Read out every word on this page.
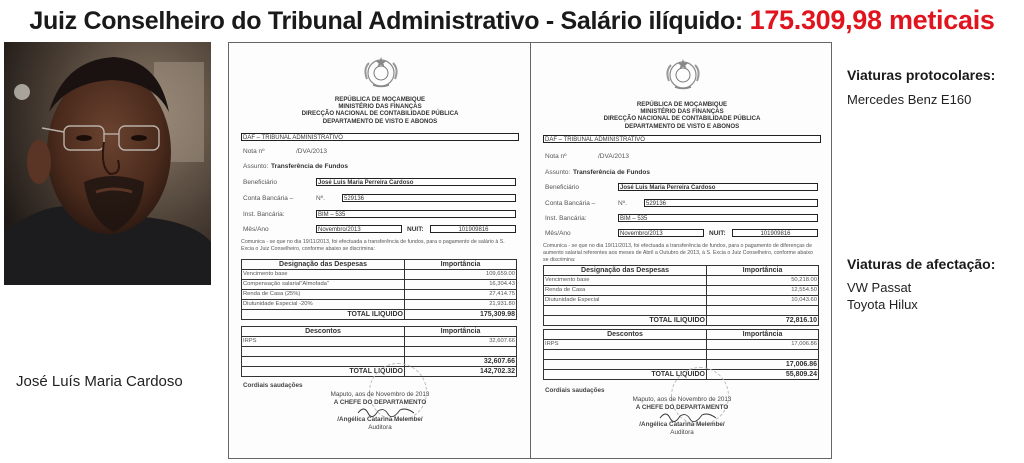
Juiz Conselheiro do Tribunal Administrativo - Salário ilíquido: 175.309,98 meticais
José Luís Maria Cardoso
REPÚBLICA DE MOÇAMBIQUE
MINISTÉRIO DAS FINANÇAS
DIRECÇÃO NACIONAL DE CONTABILIDADE PÚBLICA
DEPARTAMENTO DE VISTO E ABONOS
DAF – TRIBUNAL ADMINISTRATIVO
Nota nº	/DVA/2013
Assunto: Transferência de Fundos
Beneficiário	José Luis Maria Perreira Cardoso
Conta Bancária –	Nº.	529136
Inst. Bancária:	BIM – 535
Mês/Ano	Novembro/2013	NUIT:	101909816
Comunica - se que no dia 19/11/2013, foi efectuada a transferência de fundos, para o pagamento de salário à S. Excia o Juiz Conselheiro, conforme abaixo se discrimina:
Designação das Despesas	Importância
Vencimento base	109,659.00
Compensação salarial"Almofada"	16,304.43
Renda de Casa (25%)	27,414.75
Diutunidade Especial -20%	21,931.80
TOTAL ILIQUIDO	175,309.98
Descontos	Importância
IRPS	32,607.66

	32,607.66
TOTAL LIQUIDO	142,702.32
Cordiais saudações
Maputo, aos de Novembro de 2013
A CHEFE DO DEPARTAMENTO
/Angélica Catarina Melembe/
Auditora
REPÚBLICA DE MOÇAMBIQUE
MINISTÉRIO DAS FINANÇAS
DIRECÇÃO NACIONAL DE CONTABILIDADE PÚBLICA
DEPARTAMENTO DE VISTO E ABONOS
DAF – TRIBUNAL ADMINISTRATIVO
Nota nº	/DVA/2013
Assunto: Transferência de Fundos
Beneficiário	José Luis Maria Perreira Cardoso
Conta Bancária –	Nº.	529136
Inst. Bancária:	BIM – 535
Mês/Ano	Novembro/2013	NUIT:	101909816
Comunica - se que no dia 19/11/2013, foi efectuada a transferência de fundos, para o pagamento de diferenças de aumento salarial referentes aos meses de Abril a Outubro de 2013, à S. Excia o Juiz Conselheiro, conforme abaixo se discrimina:
Designação das Despesas	Importância
Vencimento base	50,218.00
Renda de Casa	12,554.50
Diutunidade Especial	10,043.60

TOTAL ILIQUIDO	72,816.10
Descontos	Importância
IRPS	17,006.86

	17,006.86
TOTAL LIQUIDO	55,809.24
Cordiais saudações
Maputo, aos de Novembro de 2013
A CHEFE DO DEPARTAMENTO
/Angélica Catarina Melembe/
Auditora
Viaturas protocolares:
Mercedes Benz E160
Viaturas de afectação:
VW Passat
Toyota Hilux
